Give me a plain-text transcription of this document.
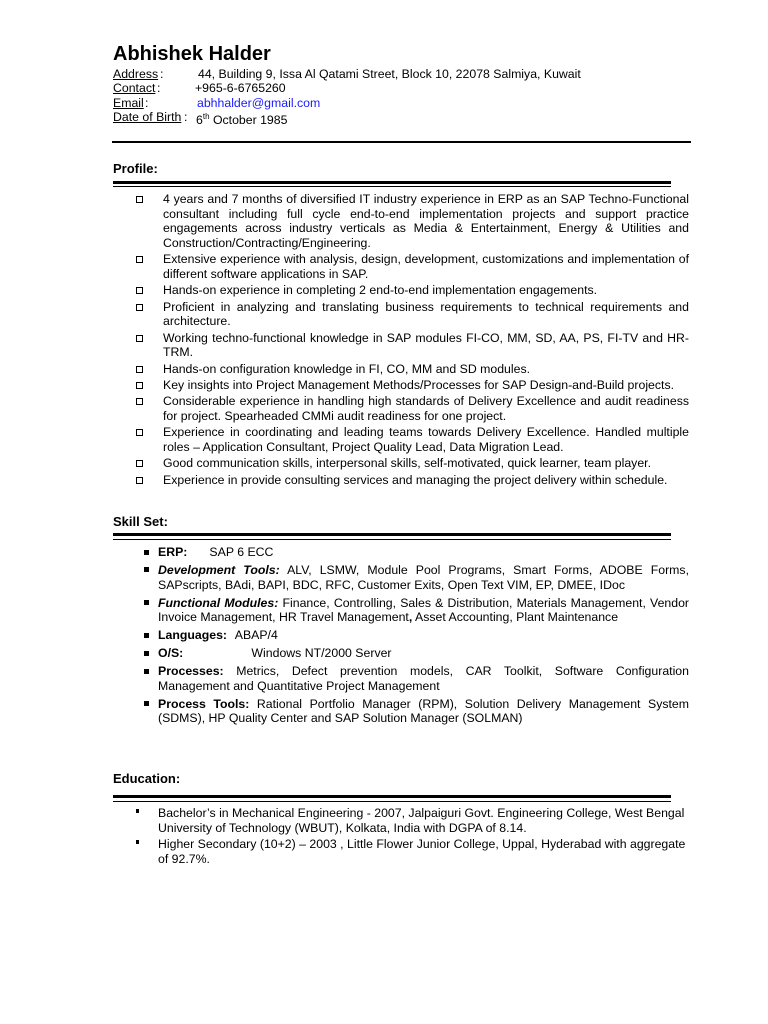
Abhishek Halder
Address :	44, Building 9, Issa Al Qatami Street, Block 10, 22078 Salmiya, Kuwait
Contact :	+965-6-6765260
Email :	abhhalder@gmail.com
Date of Birth : 6th October 1985
Profile:
4 years and 7 months of diversified IT industry experience in ERP as an SAP Techno-Functional consultant including full cycle end-to-end implementation projects and support practice engagements across industry verticals as Media & Entertainment, Energy & Utilities and Construction/Contracting/Engineering.
Extensive experience with analysis, design, development, customizations and implementation of different software applications in SAP.
Hands-on experience in completing 2 end-to-end implementation engagements.
Proficient in analyzing and translating business requirements to technical requirements and architecture.
Working techno-functional knowledge in SAP modules FI-CO, MM, SD, AA, PS, FI-TV and HR-TRM.
Hands-on configuration knowledge in FI, CO, MM and SD modules.
Key insights into Project Management Methods/Processes for SAP Design-and-Build projects.
Considerable experience in handling high standards of Delivery Excellence and audit readiness for project. Spearheaded CMMi audit readiness for one project.
Experience in coordinating and leading teams towards Delivery Excellence. Handled multiple roles – Application Consultant, Project Quality Lead, Data Migration Lead.
Good communication skills, interpersonal skills, self-motivated, quick learner, team player.
Experience in provide consulting services and managing the project delivery within schedule.
Skill Set:
ERP: SAP 6 ECC
Development Tools: ALV, LSMW, Module Pool Programs, Smart Forms, ADOBE Forms, SAPscripts, BAdi, BAPI, BDC, RFC, Customer Exits, Open Text VIM, EP, DMEE, IDoc
Functional Modules: Finance, Controlling, Sales & Distribution, Materials Management, Vendor Invoice Management, HR Travel Management, Asset Accounting, Plant Maintenance
Languages: ABAP/4
O/S:	Windows NT/2000 Server
Processes: Metrics, Defect prevention models, CAR Toolkit, Software Configuration Management and Quantitative Project Management
Process Tools: Rational Portfolio Manager (RPM), Solution Delivery Management System (SDMS), HP Quality Center and SAP Solution Manager (SOLMAN)
Education:
Bachelor’s in Mechanical Engineering - 2007, Jalpaiguri Govt. Engineering College, West Bengal University of Technology (WBUT), Kolkata, India with DGPA of 8.14.
Higher Secondary (10+2) – 2003 , Little Flower Junior College, Uppal, Hyderabad with aggregate of 92.7%.
